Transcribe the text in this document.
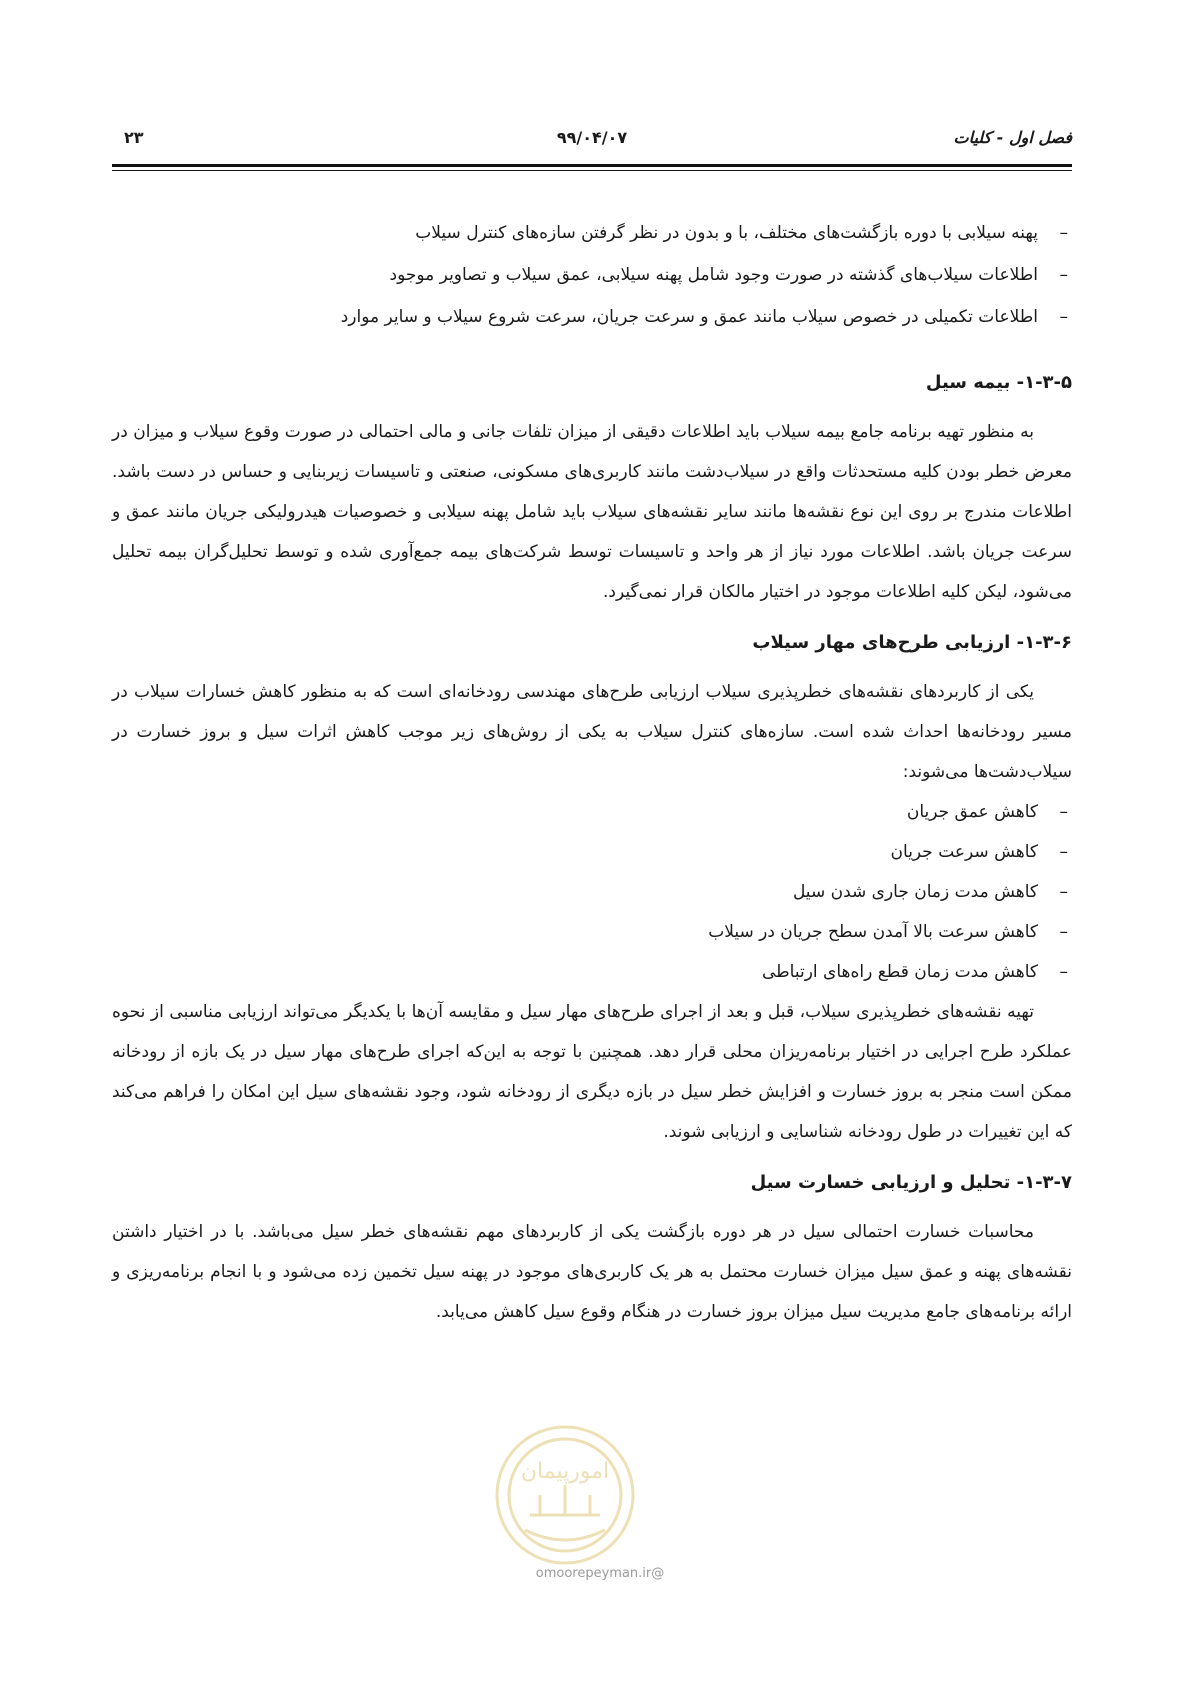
فصل اول - کلیات
۹۹/۰۴/۰۷
۲۳
– پهنه سیلابی با دوره بازگشت‌های مختلف، با و بدون در نظر گرفتن سازه‌های کنترل سیلاب
– اطلاعات سیلاب‌های گذشته در صورت وجود شامل پهنه سیلابی، عمق سیلاب و تصاویر موجود
– اطلاعات تکمیلی در خصوص سیلاب مانند عمق و سرعت جریان، سرعت شروع سیلاب و سایر موارد
۱-۳-۵- بیمه سیل

به منظور تهیه برنامه جامع بیمه سیلاب باید اطلاعات دقیقی از میزان تلفات جانی و مالی احتمالی در صورت وقوع سیلاب و میزان در معرض خطر بودن کلیه مستحدثات واقع در سیلاب‌دشت مانند کاربری‌های مسکونی، صنعتی و تاسیسات زیربنایی و حساس در دست باشد. اطلاعات مندرج بر روی این نوع نقشه‌ها مانند سایر نقشه‌های سیلاب باید شامل پهنه سیلابی و خصوصیات هیدرولیکی جریان مانند عمق و سرعت جریان باشد. اطلاعات مورد نیاز از هر واحد و تاسیسات توسط شرکت‌های بیمه جمع‌آوری شده و توسط تحلیل‌گران بیمه تحلیل می‌شود، لیکن کلیه اطلاعات موجود در اختیار مالکان قرار نمی‌گیرد.

۱-۳-۶- ارزیابی طرح‌های مهار سیلاب

یکی از کاربردهای نقشه‌های خطرپذیری سیلاب ارزیابی طرح‌های مهندسی رودخانه‌ای است که به منظور کاهش خسارات سیلاب در مسیر رودخانه‌ها احداث شده است. سازه‌های کنترل سیلاب به یکی از روش‌های زیر موجب کاهش اثرات سیل و بروز خسارت در سیلاب‌دشت‌ها می‌شوند:

– کاهش عمق جریان
– کاهش سرعت جریان
– کاهش مدت زمان جاری شدن سیل
– کاهش سرعت بالا آمدن سطح جریان در سیلاب
– کاهش مدت زمان قطع راه‌های ارتباطی

تهیه نقشه‌های خطرپذیری سیلاب، قبل و بعد از اجرای طرح‌های مهار سیل و مقایسه آن‌ها با یکدیگر می‌تواند ارزیابی مناسبی از نحوه عملکرد طرح اجرایی در اختیار برنامه‌ریزان محلی قرار دهد. همچنین با توجه به این‌که اجرای طرح‌های مهار سیل در یک بازه از رودخانه ممکن است منجر به بروز خسارت و افزایش خطر سیل در بازه دیگری از رودخانه شود، وجود نقشه‌های سیل این امکان را فراهم می‌کند که این تغییرات در طول رودخانه شناسایی و ارزیابی شوند.

۱-۳-۷- تحلیل و ارزیابی خسارت سیل

محاسبات خسارت احتمالی سیل در هر دوره بازگشت یکی از کاربردهای مهم نقشه‌های خطر سیل می‌باشد. با در اختیار داشتن نقشه‌های پهنه و عمق سیل میزان خسارت محتمل به هر یک کاربری‌های موجود در پهنه سیل تخمین زده می‌شود و با انجام برنامه‌ریزی و ارائه برنامه‌های جامع مدیریت سیل میزان بروز خسارت در هنگام وقوع سیل کاهش می‌یابد.

امورپیمان
@omoorepeyman.ir
